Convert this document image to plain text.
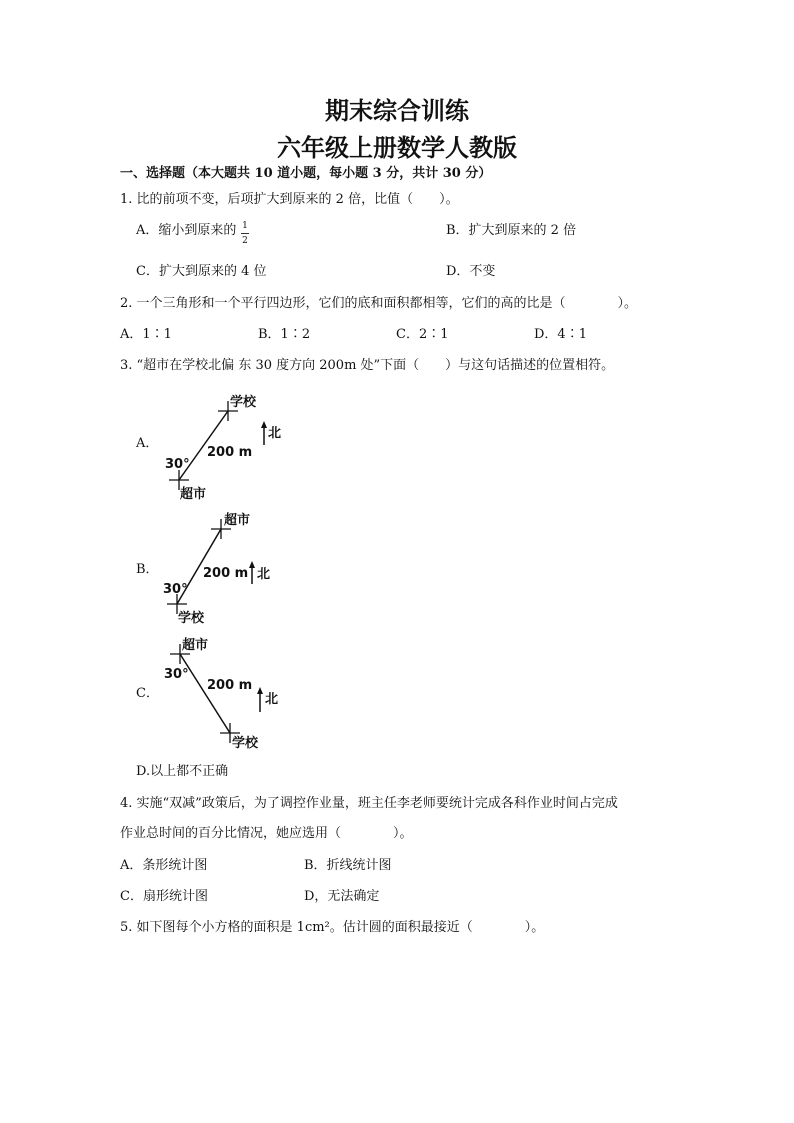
期末综合训练
六年级上册数学人教版
一、选择题（本大题共 10 道小题，每小题 3 分，共计 30 分）
1. 比的前项不变，后项扩大到原来的 2 倍，比值（　　）。
A．缩小到原来的 1
2
B．扩大到原来的 2 倍
C．扩大到原来的 4 位	D．不变
2. 一个三角形和一个平行四边形，它们的底和面积都相等，它们的高的比是（　　　　）。
A．1∶1	B．1∶2	C．2∶1	D．4∶1
3. “超市在学校北偏 东 30 度方向 200m 处”下面（　　）与这句话描述的位置相符。
A．
学校
超市
30°
200 m
北
B．
超市
学校
30°
200 m 北
C．
超市
学校
30°
200 m
北
D.以上都不正确
4. 实施“双减”政策后，为了调控作业量，班主任李老师要统计完成各科作业时间占完成
作业总时间的百分比情况，她应选用（　　　　）。
A．条形统计图	B．折线统计图
C．扇形统计图	D，无法确定
5. 如下图每个小方格的面积是 1cm²。估计圆的面积最接近（　　　　）。
